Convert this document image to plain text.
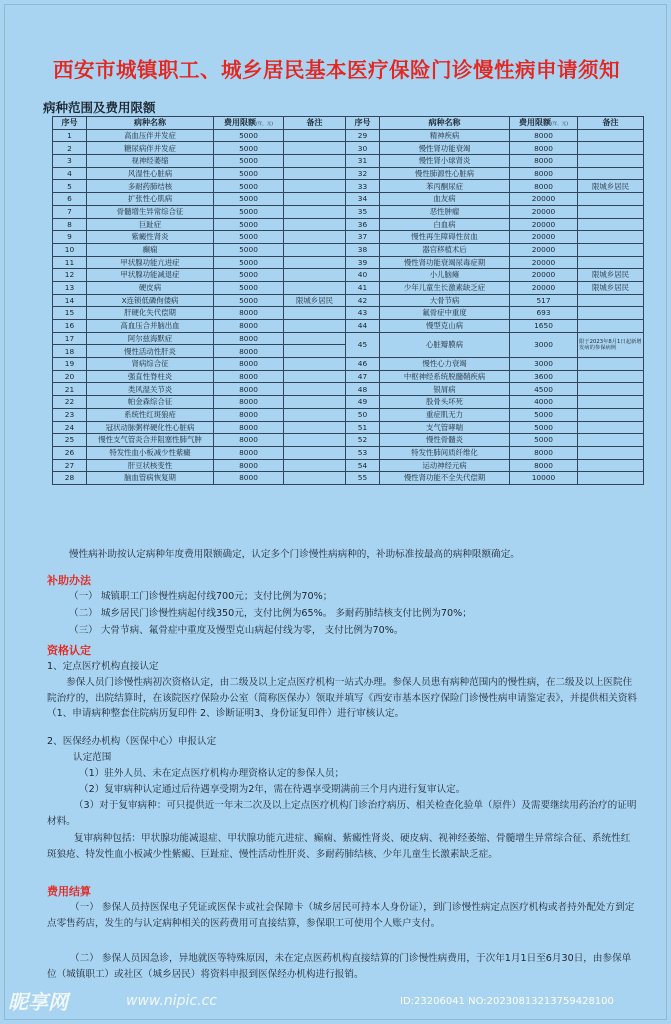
西安市城镇职工、城乡居民基本医疗保险门诊慢性病申请须知
病种范围及费用限额
序号	病种名称	费用限额(年，元)	备注
1	高血压伴并发症	5000	
2	糖尿病伴并发症	5000	
3	视神经萎缩	5000	
4	风湿性心脏病	5000	
5	多耐药肺结核	5000	
6	扩张性心肌病	5000	
7	骨髓增生异常综合征	5000	
8	巨趾症	5000	
9	紫癜性肾炎	5000	
10	癫痫	5000	
11	甲状腺功能亢进症	5000	
12	甲状腺功能减退症	5000	
13	硬皮病	5000	
14	X连锁低磷佝偻病	5000	限城乡居民
15	肝硬化失代偿期	8000	
16	高血压合并脑出血	8000	
17	阿尔兹海默症	8000	
18	慢性活动性肝炎	8000	
19	肾病综合征	8000	
20	强直性脊柱炎	8000	
21	类风湿关节炎	8000	
22	帕金森综合征	8000	
23	系统性红斑狼疮	8000	
24	冠状动脉粥样硬化性心脏病	8000	
25	慢性支气管炎合并阻塞性肺气肿	8000	
26	特发性血小板减少性紫癜	8000	
27	肝豆状核变性	8000	
28	脑血管病恢复期	8000	
序号	病种名称	费用限额(年，元)	备注
29	精神疾病	8000	
30	慢性肾功能衰竭	8000	
31	慢性肾小球肾炎	8000	
32	慢性肺源性心脏病	8000	
33	苯丙酮尿症	8000	限城乡居民
34	血友病	20000	
35	恶性肿瘤	20000	
36	白血病	20000	
37	慢性再生障碍性贫血	20000	
38	器官移植术后	20000	
39	慢性肾功能衰竭尿毒症期	20000	
40	小儿脑瘫	20000	限城乡居民
41	少年儿童生长激素缺乏症	20000	限城乡居民
42	大骨节病	517	
43	氟骨症中重度	693	
44	慢型克山病	1650	
45	心脏瓣膜病	3000	限于2023年8月1日起新增发病的参保病例
46	慢性心力衰竭	3000	
47	中枢神经系统脱髓鞘疾病	3600	
48	银屑病	4500	
49	股骨头坏死	4000	
50	重症肌无力	5000	
51	支气管哮喘	5000	
52	慢性骨髓炎	5000	
53	特发性肺间质纤维化	8000	
54	运动神经元病	8000	
55	慢性肾功能不全失代偿期	10000	
慢性病补助按认定病种年度费用限额确定，认定多个门诊慢性病病种的，补助标准按最高的病种限额确定。
补助办法
（一） 城镇职工门诊慢性病起付线700元；支付比例为70%；
（二） 城乡居民门诊慢性病起付线350元，支付比例为65%。 多耐药肺结核支付比例为70%；
（三） 大骨节病、氟骨症中重度及慢型克山病起付线为零， 支付比例为70%。
资格认定
1、定点医疗机构直接认定
参保人员门诊慢性病初次资格认定，由二级及以上定点医疗机构一站式办理。参保人员患有病种范围内的慢性病，在二级及以上医院住院治疗的，出院结算时，在该院医疗保险办公室（简称医保办）领取并填写《西安市基本医疗保险门诊慢性病申请鉴定表》，并提供相关资料（1、申请病种整套住院病历复印件 2、诊断证明3、身份证复印件）进行审核认定。
2、医保经办机构（医保中心）申报认定
认定范围
（1）驻外人员、未在定点医疗机构办理资格认定的参保人员；
（2）复审病种认定通过后待遇享受期为2年，需在待遇享受期满前三个月内进行复审认定。
（3）对于复审病种：可只提供近一年末二次及以上定点医疗机构门诊治疗病历、相关检查化验单（原件）及需要继续用药治疗的证明材料。
复审病种包括：甲状腺功能减退症、甲状腺功能亢进症、癫痫、紫癜性肾炎、硬皮病、视神经萎缩、骨髓增生异常综合征、系统性红斑狼疮、特发性血小板减少性紫癜、巨趾症、慢性活动性肝炎、多耐药肺结核、少年儿童生长激素缺乏症。
费用结算
（一） 参保人员持医保电子凭证或医保卡或社会保障卡（城乡居民可持本人身份证），到门诊慢性病定点医疗机构或者持外配处方到定点零售药店，发生的与认定病种相关的医药费用可直接结算，参保职工可使用个人账户支付。
（二） 参保人员因急诊，异地就医等特殊原因，未在定点医药机构直接结算的门诊慢性病费用，于次年1月1日至6月30日，由参保单位（城镇职工）或社区（城乡居民）将资料申报到医保经办机构进行报销。
昵享网	www.nipic.cc	ID:23206041 NO:20230813213759428100
